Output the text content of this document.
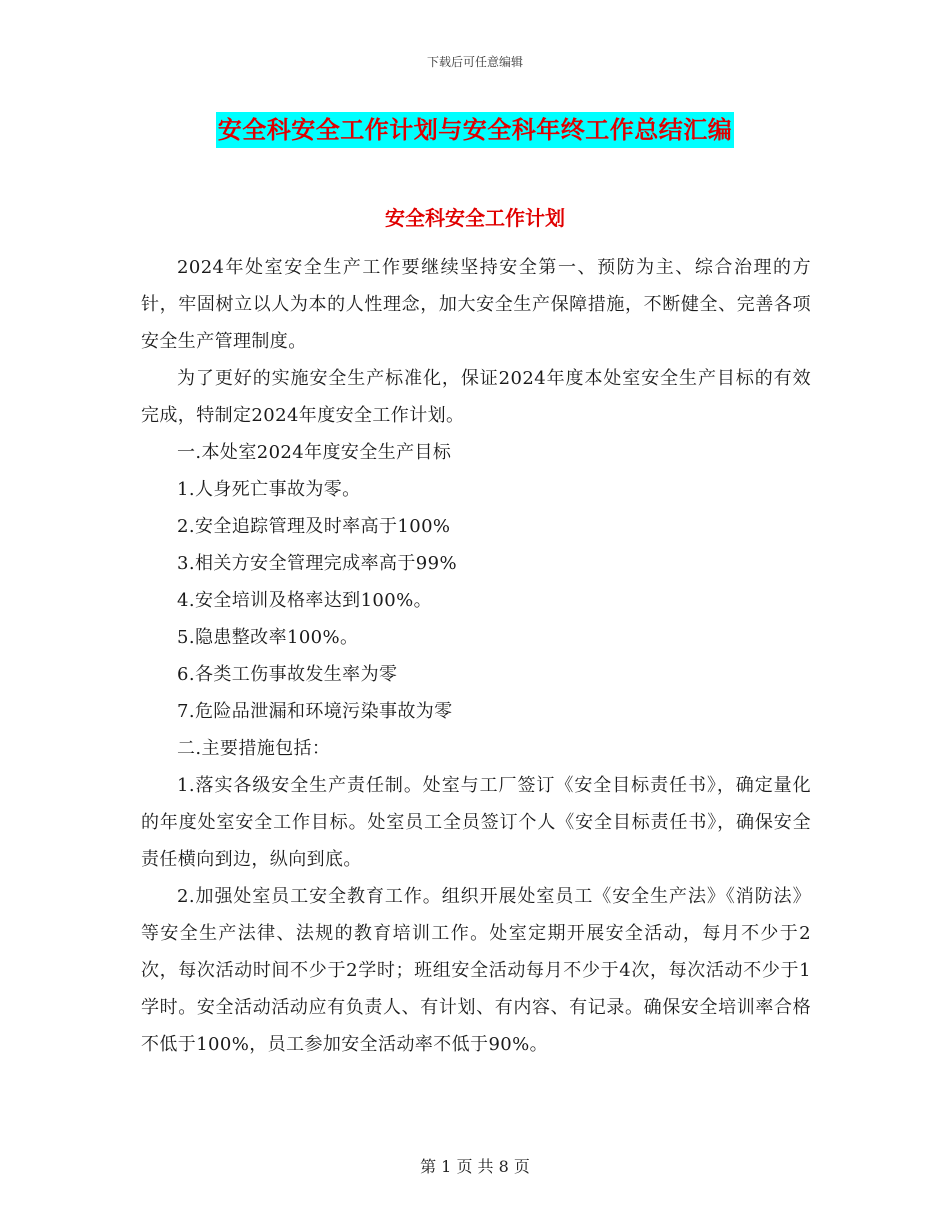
下载后可任意编辑
安全科安全工作计划与安全科年终工作总结汇编
安全科安全工作计划

2024年处室安全生产工作要继续坚持安全第一、预防为主、综合治理的方针，牢固树立以人为本的人性理念，加大安全生产保障措施，不断健全、完善各项安全生产管理制度。

为了更好的实施安全生产标准化，保证2024年度本处室安全生产目标的有效完成，特制定2024年度安全工作计划。

一.本处室2024年度安全生产目标

1.人身死亡事故为零。

2.安全追踪管理及时率高于100%

3.相关方安全管理完成率高于99%

4.安全培训及格率达到100%。

5.隐患整改率100%。

6.各类工伤事故发生率为零

7.危险品泄漏和环境污染事故为零

二.主要措施包括：

1.落实各级安全生产责任制。处室与工厂签订《安全目标责任书》，确定量化的年度处室安全工作目标。处室员工全员签订个人《安全目标责任书》，确保安全责任横向到边，纵向到底。

2.加强处室员工安全教育工作。组织开展处室员工《安全生产法》《消防法》等安全生产法律、法规的教育培训工作。处室定期开展安全活动，每月不少于2次，每次活动时间不少于2学时；班组安全活动每月不少于4次，每次活动不少于1学时。安全活动活动应有负责人、有计划、有内容、有记录。确保安全培训率合格不低于100%，员工参加安全活动率不低于90%。

第 1 页 共 8 页
